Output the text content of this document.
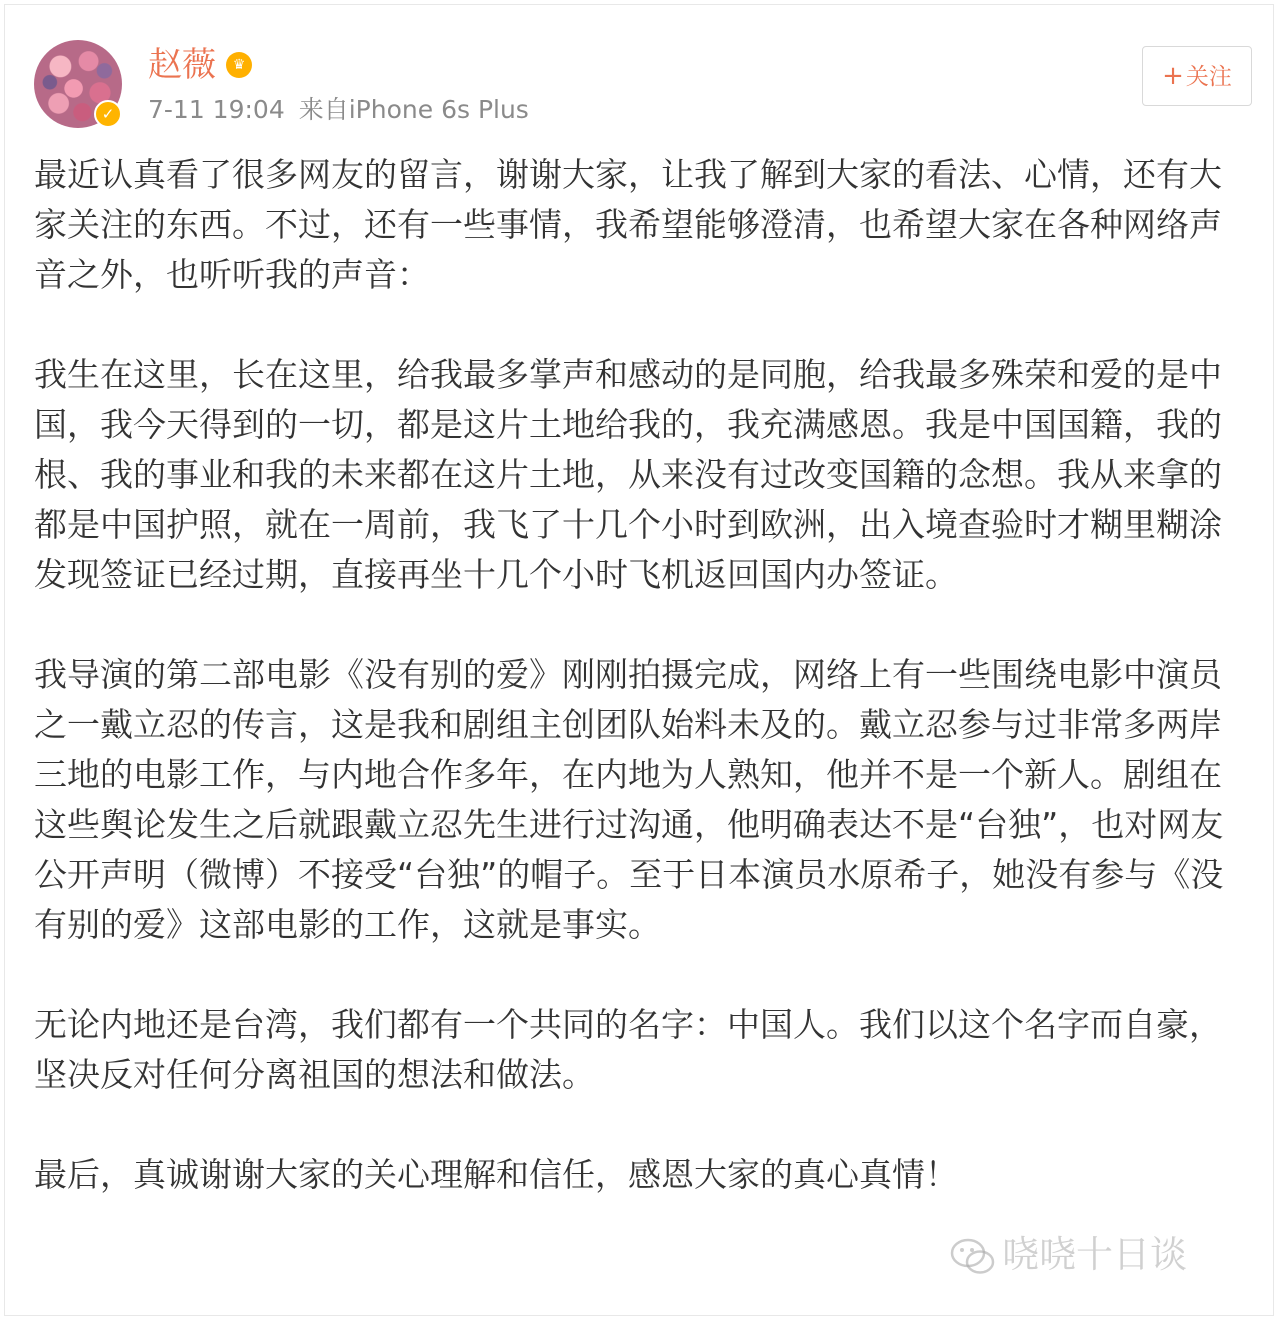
✓
赵薇	♛
7-11 19:04 来自iPhone 6s Plus
+关注

最近认真看了很多网友的留言，谢谢大家，让我了解到大家的看法、心情，还有大家关注的东西。不过，还有一些事情，我希望能够澄清，也希望大家在各种网络声音之外，也听听我的声音：

我生在这里，长在这里，给我最多掌声和感动的是同胞，给我最多殊荣和爱的是中国，我今天得到的一切，都是这片土地给我的，我充满感恩。我是中国国籍，我的根、我的事业和我的未来都在这片土地，从来没有过改变国籍的念想。我从来拿的都是中国护照，就在一周前，我飞了十几个小时到欧洲，出入境查验时才糊里糊涂发现签证已经过期，直接再坐十几个小时飞机返回国内办签证。

我导演的第二部电影《没有别的爱》刚刚拍摄完成，网络上有一些围绕电影中演员之一戴立忍的传言，这是我和剧组主创团队始料未及的。戴立忍参与过非常多两岸三地的电影工作，与内地合作多年，在内地为人熟知，他并不是一个新人。剧组在这些舆论发生之后就跟戴立忍先生进行过沟通，他明确表达不是“台独”，也对网友公开声明（微博）不接受“台独”的帽子。至于日本演员水原希子，她没有参与《没有别的爱》这部电影的工作，这就是事实。

无论内地还是台湾，我们都有一个共同的名字：中国人。我们以这个名字而自豪，坚决反对任何分离祖国的想法和做法。

最后，真诚谢谢大家的关心理解和信任，感恩大家的真心真情！

哓哓十日谈
